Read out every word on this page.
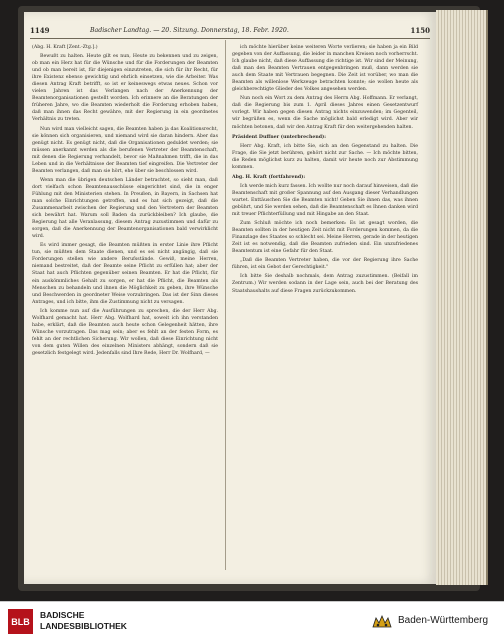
1149	Badischer Landtag. — 20. Sitzung. Donnerstag, 18. Febr. 1920.	1150

(Abg. H. Kraft [Zent.-Ztg.].)

Bewußt zu halten. Heute gilt es nun, Heute zu bekennen und zu zeigen, ob man ein Herz hat für die Wünsche und für die Forderungen der Beamten und ob man bereit ist, für diejenigen einzutreten, die sich für ihr Recht, für ihre Existenz ebenso gewichtig und ehrlich einsetzen, wie die Arbeiter. Was diesen Antrag Kraft betrifft, so ist er keineswegs etwas neues. Schon vor vielen Jahren ist das Verlangen nach der Anerkennung der Beamtenorganisationen gestellt worden. Ich erinnere an die Beratungen der früheren Jahre, wo die Beamten wiederholt die Forderung erhoben haben, daß man ihnen das Recht gewähre, mit der Regierung in ein geordnetes Verhältnis zu treten.

Nun wird man vielleicht sagen, die Beamten haben ja das Koalitionsrecht, sie können sich organisieren, und niemand wird sie daran hindern. Aber das genügt nicht. Es genügt nicht, daß die Organisationen geduldet werden; sie müssen anerkannt werden als die berufenen Vertreter der Beamtenschaft, mit denen die Regierung verhandelt, bevor sie Maßnahmen trifft, die in das Leben und in die Verhältnisse der Beamten tief eingreifen. Die Vertreter der Beamten verlangen, daß man sie hört, ehe über sie beschlossen wird.

Wenn man die übrigen deutschen Länder betrachtet, so sieht man, daß dort vielfach schon Beamtenausschüsse eingerichtet sind, die in enger Fühlung mit den Ministerien stehen. In Preußen, in Bayern, in Sachsen hat man solche Einrichtungen getroffen, und es hat sich gezeigt, daß die Zusammenarbeit zwischen der Regierung und den Vertretern der Beamten sich bewährt hat. Warum soll Baden da zurückbleiben? Ich glaube, die Regierung hat alle Veranlassung, diesem Antrag zuzustimmen und dafür zu sorgen, daß die Anerkennung der Beamtenorganisationen bald verwirklicht wird.

Es wird immer gesagt, die Beamten müßten in erster Linie ihre Pflicht tun, sie müßten dem Staate dienen, und es sei nicht angängig, daß sie Forderungen stellen wie andere Berufsstände. Gewiß, meine Herren, niemand bestreitet, daß der Beamte seine Pflicht zu erfüllen hat; aber der Staat hat auch Pflichten gegenüber seinen Beamten. Er hat die Pflicht, für ein auskömmliches Gehalt zu sorgen, er hat die Pflicht, die Beamten als Menschen zu behandeln und ihnen die Möglichkeit zu geben, ihre Wünsche und Beschwerden in geordneter Weise vorzubringen. Das ist der Sinn dieses Antrages, und ich bitte, ihm die Zustimmung nicht zu versagen.

Ich komme nun auf die Ausführungen zu sprechen, die der Herr Abg. Wolfhard gemacht hat. Herr Abg. Wolfhard hat, soweit ich ihn verstanden habe, erklärt, daß die Beamten auch heute schon Gelegenheit hätten, ihre Wünsche vorzutragen. Das mag sein; aber es fehlt an der festen Form, es fehlt an der rechtlichen Sicherung. Wir wollen, daß diese Einrichtung nicht von dem guten Willen des einzelnen Ministers abhängt, sondern daß sie gesetzlich festgelegt wird. Jedenfalls sind Ihre Rede, Herr Dr. Wolfhard, —

ich möchte hierüber keine weiteren Worte verlieren; sie haben ja ein Bild gegeben von der Auffassung, die leider in manchen Kreisen noch vorherrscht. Ich glaube nicht, daß diese Auffassung die richtige ist. Wir sind der Meinung, daß man den Beamten Vertrauen entgegenbringen muß, dann werden sie auch dem Staate mit Vertrauen begegnen. Die Zeit ist vorüber, wo man die Beamten als willenlose Werkzeuge betrachten konnte; sie wollen heute als gleichberechtigte Glieder des Volkes angesehen werden.

Nun noch ein Wort zu dem Antrag des Herrn Abg. Hoffmann. Er verlangt, daß die Regierung bis zum 1. April dieses Jahres einen Gesetzentwurf vorlegt. Wir haben gegen diesen Antrag nichts einzuwenden; im Gegenteil, wir begrüßen es, wenn die Sache möglichst bald erledigt wird. Aber wir möchten betonen, daß wir den Antrag Kraft für den weitergehenden halten.

Präsident Duffner (unterbrechend):

Herr Abg. Kraft, ich bitte Sie, sich an den Gegenstand zu halten. Die Frage, die Sie jetzt berühren, gehört nicht zur Sache. — Ich möchte bitten, die Reden möglichst kurz zu halten, damit wir heute noch zur Abstimmung kommen.

Abg. H. Kraft (fortfahrend):

Ich werde mich kurz fassen. Ich wollte nur noch darauf hinweisen, daß die Beamtenschaft mit großer Spannung auf den Ausgang dieser Verhandlungen wartet. Enttäuschen Sie die Beamten nicht! Geben Sie ihnen das, was ihnen gebührt, und Sie werden sehen, daß die Beamtenschaft es Ihnen danken wird mit treuer Pflichterfüllung und mit Hingabe an den Staat.

Zum Schluß möchte ich noch bemerken: Es ist gesagt worden, die Beamten sollten in der heutigen Zeit nicht mit Forderungen kommen, da die Finanzlage des Staates so schlecht sei. Meine Herren, gerade in der heutigen Zeit ist es notwendig, daß die Beamten zufrieden sind. Ein unzufriedenes Beamtentum ist eine Gefahr für den Staat.

„Daß die Beamten Vertreter haben, die vor der Regierung ihre Sache führen, ist ein Gebot der Gerechtigkeit."

Ich bitte Sie deshalb nochmals, dem Antrag zuzustimmen. (Beifall im Zentrum.) Wir werden sodann in der Lage sein, auch bei der Beratung des Staatshaushalts auf diese Fragen zurückzukommen.

BLB
BADISCHE
LANDESBIBLIOTHEK	Baden-Württemberg
